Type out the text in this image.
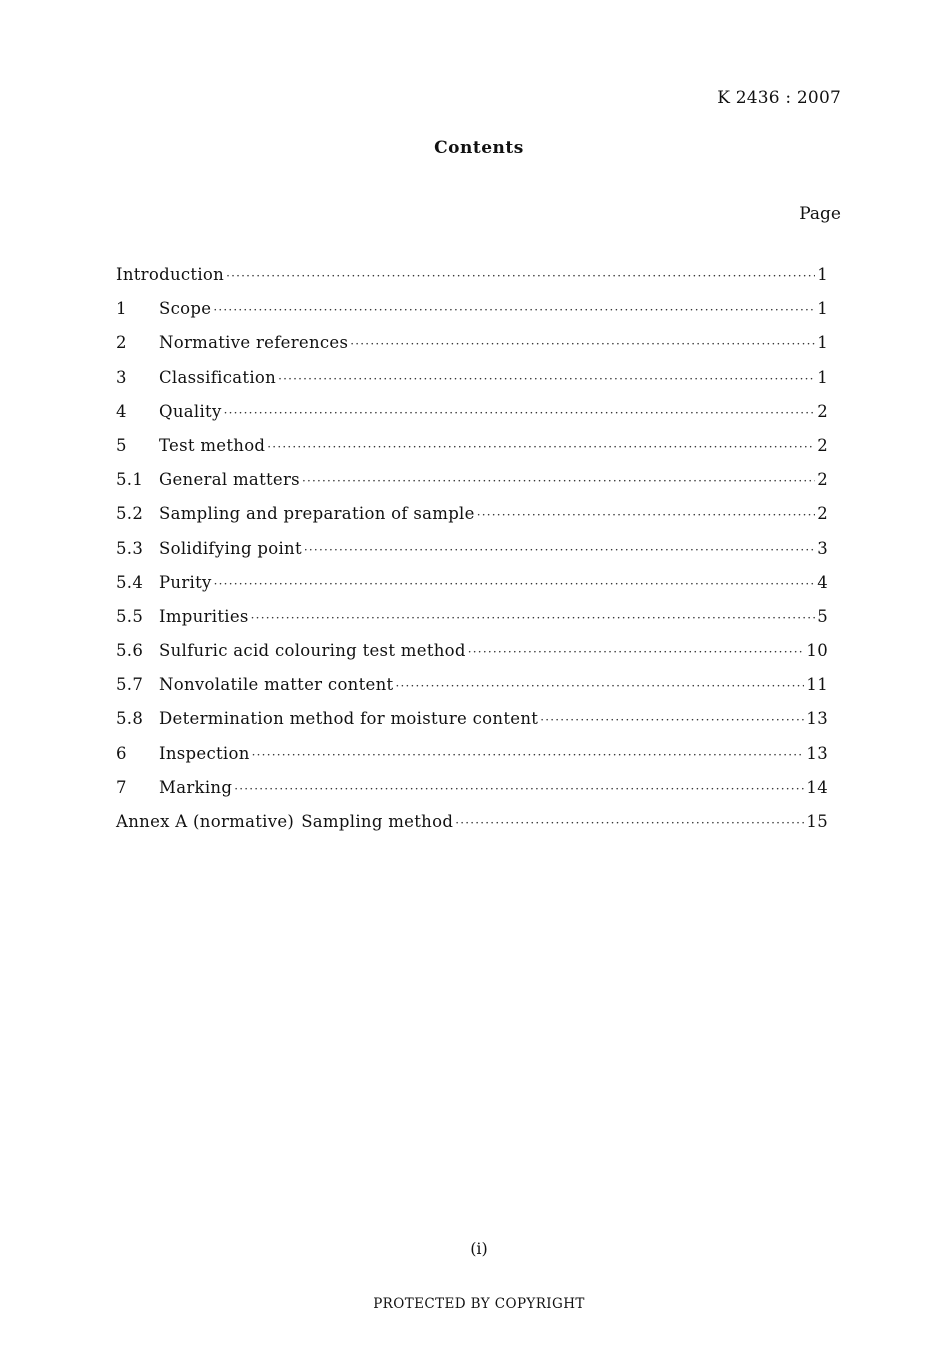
K 2436 : 2007
Contents
Page
Introduction ·····	1
1	Scope ·····	1
2	Normative references ·····	1
3	Classification ·····	1
4	Quality ·····	2
5	Test method ·····	2
5.1 General matters ·····	2
5.2 Sampling and preparation of sample ·····	2
5.3 Solidifying point ·····	3
5.4 Purity ·····	4
5.5 Impurities ·····	5
5.6 Sulfuric acid colouring test method ·····	10
5.7 Nonvolatile matter content ·····	11
5.8 Determination method for moisture content ·····	13
6	Inspection ·····	13
7	Marking ·····	14
Annex A (normative) Sampling method ·····	15
(i)
PROTECTED BY COPYRIGHT
